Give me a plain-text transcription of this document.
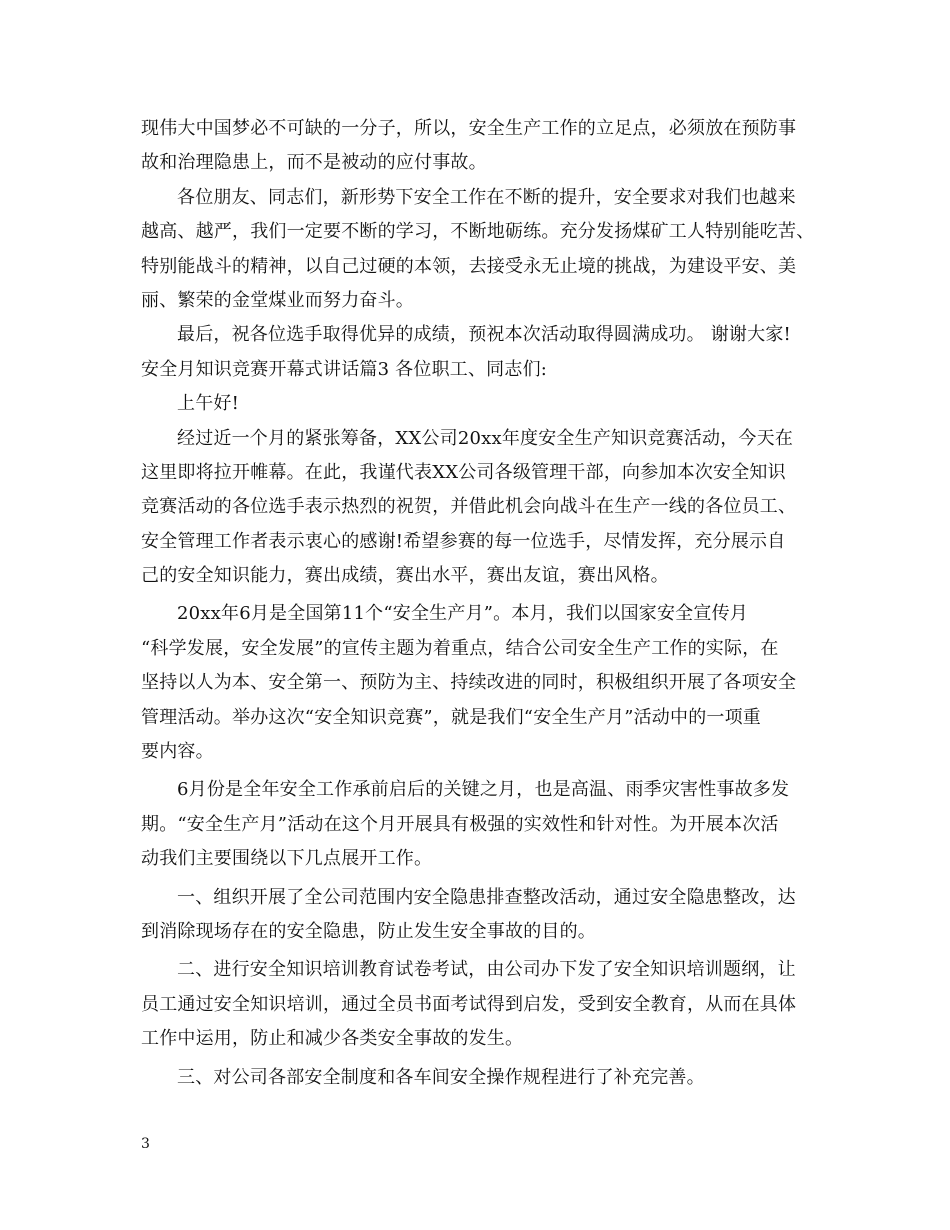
现伟大中国梦必不可缺的一分子，所以，安全生产工作的立足点，必须放在预防事
故和治理隐患上，而不是被动的应付事故。
各位朋友、同志们，新形势下安全工作在不断的提升，安全要求对我们也越来
越高、越严，我们一定要不断的学习，不断地砺练。充分发扬煤矿工人特别能吃苦、
特别能战斗的精神，以自己过硬的本领，去接受永无止境的挑战，为建设平安、美
丽、繁荣的金堂煤业而努力奋斗。
最后，祝各位选手取得优异的成绩，预祝本次活动取得圆满成功。 谢谢大家!
安全月知识竞赛开幕式讲话篇3 各位职工、同志们:
上午好!
经过近一个月的紧张筹备，XX公司20xx年度安全生产知识竞赛活动，今天在
这里即将拉开帷幕。在此，我谨代表XX公司各级管理干部，向参加本次安全知识
竞赛活动的各位选手表示热烈的祝贺，并借此机会向战斗在生产一线的各位员工、
安全管理工作者表示衷心的感谢!希望参赛的每一位选手，尽情发挥，充分展示自
己的安全知识能力，赛出成绩，赛出水平，赛出友谊，赛出风格。
20xx年6月是全国第11个“安全生产月”。本月，我们以国家安全宣传月
“科学发展，安全发展”的宣传主题为着重点，结合公司安全生产工作的实际，在
坚持以人为本、安全第一、预防为主、持续改进的同时，积极组织开展了各项安全
管理活动。举办这次“安全知识竞赛”，就是我们“安全生产月”活动中的一项重
要内容。
6月份是全年安全工作承前启后的关键之月，也是高温、雨季灾害性事故多发
期。“安全生产月”活动在这个月开展具有极强的实效性和针对性。为开展本次活
动我们主要围绕以下几点展开工作。
一、组织开展了全公司范围内安全隐患排查整改活动，通过安全隐患整改，达
到消除现场存在的安全隐患，防止发生安全事故的目的。
二、进行安全知识培训教育试卷考试，由公司办下发了安全知识培训题纲，让
员工通过安全知识培训，通过全员书面考试得到启发，受到安全教育，从而在具体
工作中运用，防止和减少各类安全事故的发生。
三、对公司各部安全制度和各车间安全操作规程进行了补充完善。
3
